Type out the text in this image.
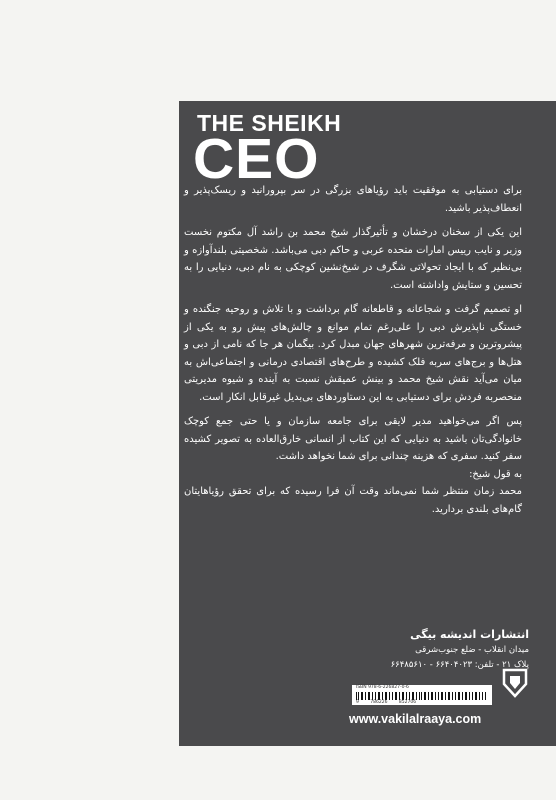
THE SHEIKH
CEO

برای دستیابی به موفقیت باید رؤیاهای بزرگی در سر بپرورانید و ریسک‌پذیر و انعطاف‌پذیر باشید.

این یکی از سخنان درخشان و تأثیرگذار شیخ محمد بن راشد آل مکتوم نخست وزیر و نایب رییس امارات متحده عربی و حاکم دبی می‌باشد. شخصیتی بلندآوازه و بی‌نظیر که با ایجاد تحولاتی شگرف در شیخ‌نشین کوچکی به نام دبی، دنیایی را به تحسین و ستایش واداشته است.

او تصمیم گرفت و شجاعانه و قاطعانه گام برداشت و با تلاش و روحیه جنگنده و خستگی ناپذیرش دبی را علی‌رغم تمام موانع و چالش‌های پیش رو به یکی از پیشروترین و مرفه‌ترین شهرهای جهان مبدل کرد. بیگمان هر جا که نامی از دبی و هتل‌ها و برج‌های سربه فلک کشیده و طرح‌های اقتصادی درمانی و اجتماعی‌اش به میان می‌آید نقش شیخ محمد و بینش عمیقش نسبت به آینده و شیوه مدیریتی منحصربه فردش برای دستیابی به این دستاوردهای بی‌بدیل غیرقابل انکار است.

پس اگر می‌خواهید مدیر لایقی برای جامعه سازمان و یا حتی جمع کوچک خانوادگی‌تان باشید به دنیایی که این کتاب از انسانی خارق‌العاده به تصویر کشیده سفر کنید. سفری که هزینه چندانی برای شما نخواهد داشت.

به قول شیخ:

محمد زمان منتظر شما نمی‌ماند وقت آن فرا رسیده که برای تحقق رؤیاهایتان گام‌های بلندی بردارید.

انتشارات اندیشه بیگی
میدان انقلاب - ضلع جنوب‌شرقی
پلاک ۲۱ - تلفن: ۶۶۴۰۴۰۲۳ - ۶۶۴۸۵۶۱۰
ISBN 978-6-226827-0-6
9 786226 852706
www.vakilalraaya.com
